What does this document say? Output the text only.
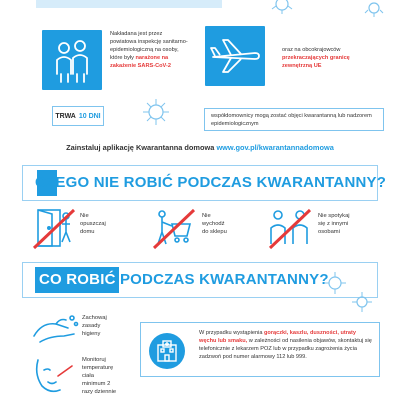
Nakładana jest przez powiatowa inspekcję sanitarno-epidemiologiczną na osoby, które były narażone na zakażenie SARS-CoV-2
oraz na obcokrajowców przekraczających granicę zewnętrzną UE
TRWA 10 DNI	współdomownicy mogą zostać objęci kwarantanną lub nadzorem epidemiologicznym
Zainstaluj aplikację Kwarantanna domowa www.gov.pl/kwarantannadomowa
CZEGO NIE ROBIĆ PODCZAS KWARANTANNY?
Nie opuszczaj domu
Nie wychodź do sklepu
Nie spotykaj się z innymi osobami
CO ROBIĆ PODCZAS KWARANTANNY?
Zachowaj zasady higieny
Monitoruj temperaturę ciała minimum 2 razy dziennie
W przypadku wystąpienia gorączki, kaszlu, duszności, utraty węchu lub smaku, w zależności od nasilenia objawów, skontaktuj się telefonicznie z lekarzem POZ lub w przypadku zagrożenia życia zadzwoń pod numer alarmowy 112 lub 999.
